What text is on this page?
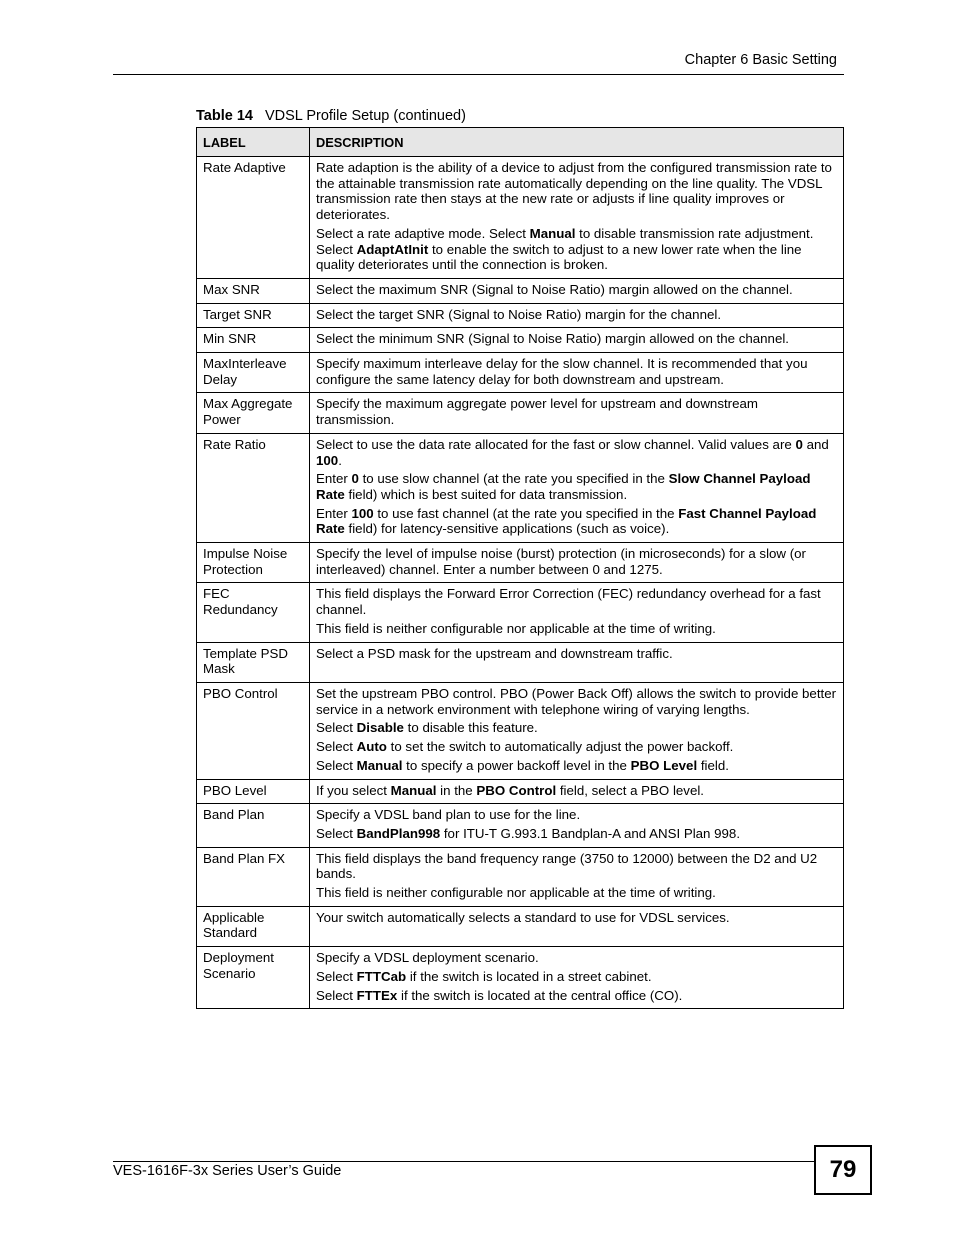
Chapter 6 Basic Setting
Table 14 VDSL Profile Setup (continued)
LABEL	DESCRIPTION
Rate Adaptive	Rate adaption is the ability of a device to adjust from the configured transmission rate to the attainable transmission rate automatically depending on the line quality. The VDSL transmission rate then stays at the new rate or adjusts if line quality improves or deteriorates.

Select a rate adaptive mode. Select Manual to disable transmission rate adjustment. Select AdaptAtInit to enable the switch to adjust to a new lower rate when the line quality deteriorates until the connection is broken.

Max SNR	Select the maximum SNR (Signal to Noise Ratio) margin allowed on the channel.

Target SNR	Select the target SNR (Signal to Noise Ratio) margin for the channel.

Min SNR	Select the minimum SNR (Signal to Noise Ratio) margin allowed on the channel.

MaxInterleave Delay	Specify maximum interleave delay for the slow channel. It is recommended that you configure the same latency delay for both downstream and upstream.

Max Aggregate Power	Specify the maximum aggregate power level for upstream and downstream transmission.

Rate Ratio	Select to use the data rate allocated for the fast or slow channel. Valid values are 0 and 100.

Enter 0 to use slow channel (at the rate you specified in the Slow Channel Payload Rate field) which is best suited for data transmission.

Enter 100 to use fast channel (at the rate you specified in the Fast Channel Payload Rate field) for latency-sensitive applications (such as voice).

Impulse Noise Protection	Specify the level of impulse noise (burst) protection (in microseconds) for a slow (or interleaved) channel. Enter a number between 0 and 1275.

FEC Redundancy	This field displays the Forward Error Correction (FEC) redundancy overhead for a fast channel.

This field is neither configurable nor applicable at the time of writing.

Template PSD Mask	Select a PSD mask for the upstream and downstream traffic.

PBO Control	Set the upstream PBO control. PBO (Power Back Off) allows the switch to provide better service in a network environment with telephone wiring of varying lengths.

Select Disable to disable this feature.

Select Auto to set the switch to automatically adjust the power backoff.

Select Manual to specify a power backoff level in the PBO Level field.

PBO Level	If you select Manual in the PBO Control field, select a PBO level.

Band Plan	Specify a VDSL band plan to use for the line.

Select BandPlan998 for ITU-T G.993.1 Bandplan-A and ANSI Plan 998.

Band Plan FX	This field displays the band frequency range (3750 to 12000) between the D2 and U2 bands.

This field is neither configurable nor applicable at the time of writing.

Applicable Standard	Your switch automatically selects a standard to use for VDSL services.

Deployment Scenario	Specify a VDSL deployment scenario.

Select FTTCab if the switch is located in a street cabinet.

Select FTTEx if the switch is located at the central office (CO).

VES-1616F-3x Series User’s Guide	79
